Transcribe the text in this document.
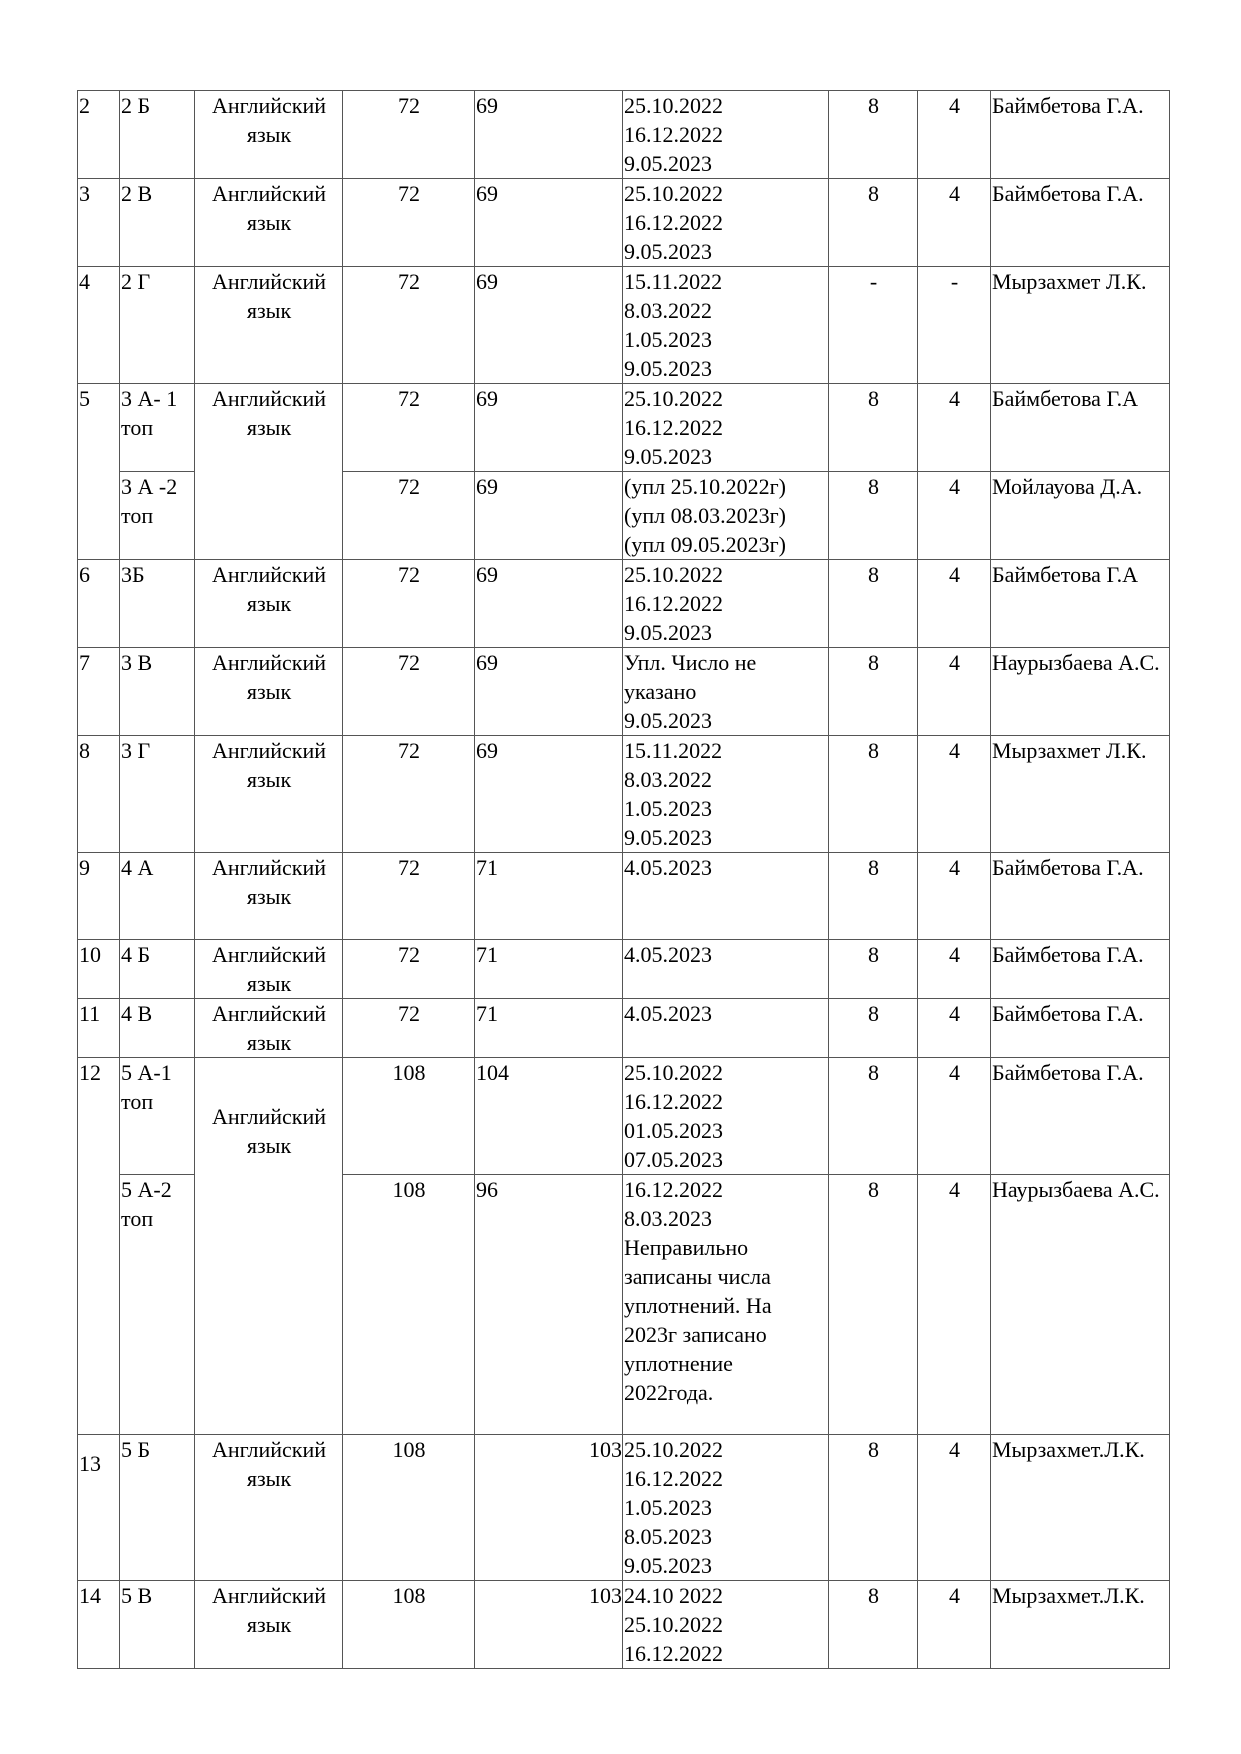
2	2 Б	Английский язык	72	69	25.10.2022
16.12.2022
9.05.2023	8	4	Баймбетова Г.А.
3	2 В	Английский язык	72	69	25.10.2022
16.12.2022
9.05.2023	8	4	Баймбетова Г.А.
4	2 Г	Английский язык	72	69	15.11.2022
8.03.2022
1.05.2023
9.05.2023	-	-	Мырзахмет Л.К.
5	3 А- 1 топ	Английский язык	72	69	25.10.2022
16.12.2022
9.05.2023	8	4	Баймбетова Г.А
	3 А -2 топ		72	69	(упл 25.10.2022г)
(упл 08.03.2023г)
(упл 09.05.2023г)	8	4	Мойлауова Д.А.
6	3Б	Английский язык	72	69	25.10.2022
16.12.2022
9.05.2023	8	4	Баймбетова Г.А
7	3 В	Английский язык	72	69	Упл. Число не указано
9.05.2023	8	4	Наурызбаева А.С.
8	3 Г	Английский язык	72	69	15.11.2022
8.03.2022
1.05.2023
9.05.2023	8	4	Мырзахмет Л.К.
9	4 А	Английский язык	72	71	4.05.2023	8	4	Баймбетова Г.А.
10	4 Б	Английский язык	72	71	4.05.2023	8	4	Баймбетова Г.А.
11	4 В	Английский язык	72	71	4.05.2023	8	4	Баймбетова Г.А.
12	5 А-1 топ	Английский язык	108	104	25.10.2022
16.12.2022
01.05.2023
07.05.2023	8	4	Баймбетова Г.А.
	5 А-2 топ		108	96	16.12.2022
8.03.2023
Неправильно записаны числа уплотнений. На 2023г записано уплотнение 2022года.	8	4	Наурызбаева А.С.

13	5 Б	Английский язык	108	103	25.10.2022
16.12.2022
1.05.2023
8.05.2023
9.05.2023	8	4	Мырзахмет.Л.К.
14	5 В	Английский язык	108	103	24.10 2022
25.10.2022
16.12.2022	8	4	Мырзахмет.Л.К.
